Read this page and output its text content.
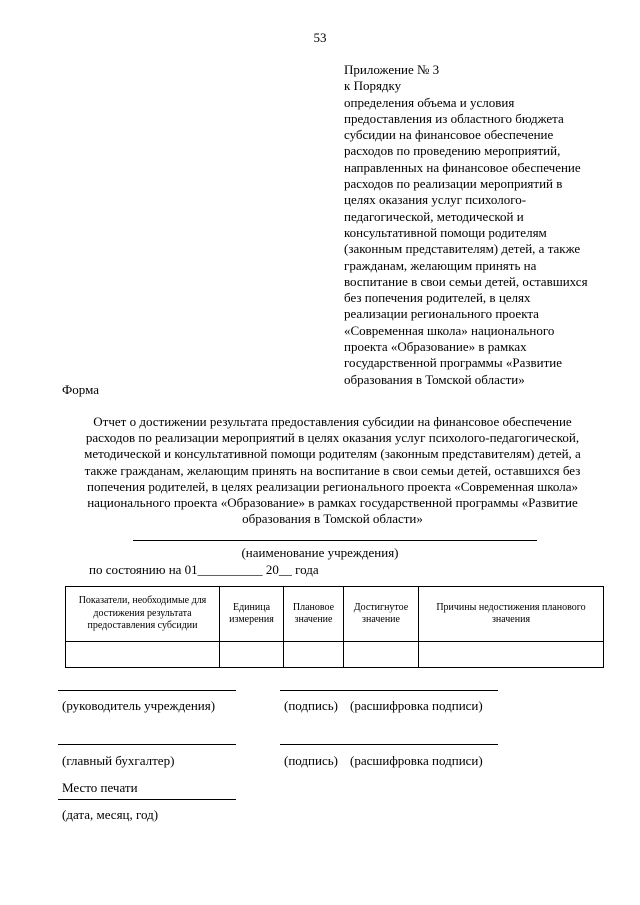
53
Приложение № 3
к Порядку
определения объема и условия
предоставления из областного бюджета
субсидии на финансовое обеспечение
расходов по проведению мероприятий,
направленных на финансовое обеспечение
расходов по реализации мероприятий в
целях оказания услуг психолого-
педагогической, методической и
консультативной помощи родителям
(законным представителям) детей, а также
гражданам, желающим принять на
воспитание в свои семьи детей, оставшихся
без попечения родителей, в целях
реализации регионального проекта
«Современная школа» национального
проекта «Образование» в рамках
государственной программы «Развитие
образования в Томской области»
Форма
Отчет о достижении результата предоставления субсидии на финансовое обеспечение
расходов по реализации мероприятий в целях оказания услуг психолого-педагогической,
методической и консультативной помощи родителям (законным представителям) детей, а
также гражданам, желающим принять на воспитание в свои семьи детей, оставшихся без
попечения родителей, в целях реализации регионального проекта «Современная школа»
национального проекта «Образование» в рамках государственной программы «Развитие
образования в Томской области»
(наименование учреждения)
по состоянию на 01__________ 20__ года
Показатели, необходимые для достижения результата предоставления субсидии	Единица измерения	Плановое значение	Достигнутое значение	Причины недостижения планового значения

(руководитель учреждения)	(подпись) (расшифровка подписи)
(главный бухгалтер)	(подпись) (расшифровка подписи)
Место печати
(дата, месяц, год)
